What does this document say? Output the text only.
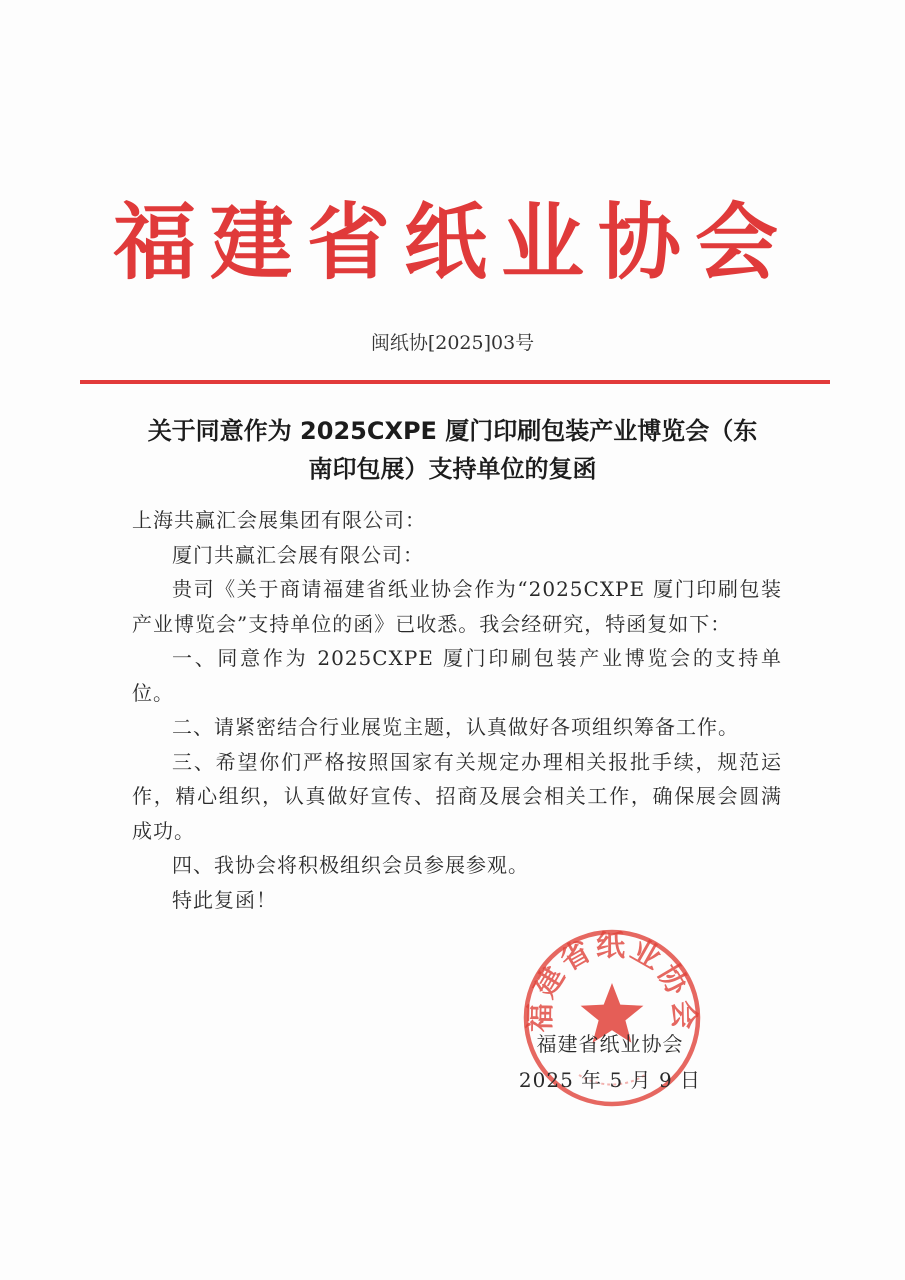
福建省纸业协会
闽纸协[2025]03号
关于同意作为 2025CXPE 厦门印刷包装产业博览会（东
南印包展）支持单位的复函

上海共赢汇会展集团有限公司：

厦门共赢汇会展有限公司：

贵司《关于商请福建省纸业协会作为“2025CXPE 厦门印刷包装产业博览会”支持单位的函》已收悉。我会经研究，特函复如下：

一、同意作为 2025CXPE 厦门印刷包装产业博览会的支持单位。

二、请紧密结合行业展览主题，认真做好各项组织筹备工作。

三、希望你们严格按照国家有关规定办理相关报批手续，规范运作，精心组织，认真做好宣传、招商及展会相关工作，确保展会圆满成功。

四、我协会将积极组织会员参展参观。

特此复函！

福建省纸业协会
福建省纸业协会
2025 年 5 月 9 日
